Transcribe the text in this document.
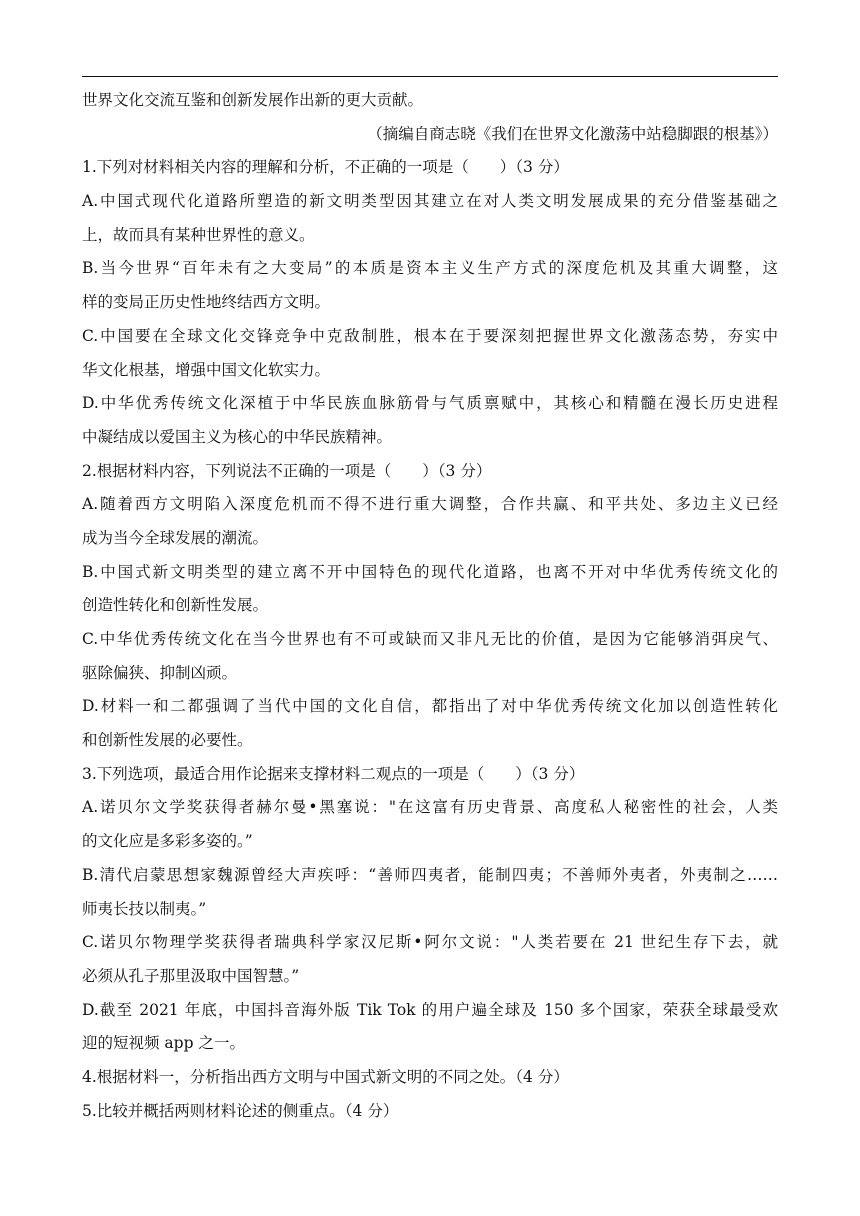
世界文化交流互鉴和创新发展作出新的更大贡献。
（摘编自商志晓《我们在世界文化激荡中站稳脚跟的根基》）
1.下列对材料相关内容的理解和分析，不正确的一项是（　　）（3 分）
A.中国式现代化道路所塑造的新文明类型因其建立在对人类文明发展成果的充分借鉴基础之
上，故而具有某种世界性的意义。
B.当今世界“百年未有之大变局”的本质是资本主义生产方式的深度危机及其重大调整，这
样的变局正历史性地终结西方文明。
C.中国要在全球文化交锋竞争中克敌制胜，根本在于要深刻把握世界文化激荡态势，夯实中
华文化根基，增强中国文化软实力。
D.中华优秀传统文化深植于中华民族血脉筋骨与气质禀赋中，其核心和精髓在漫长历史进程
中凝结成以爱国主义为核心的中华民族精神。
2.根据材料内容，下列说法不正确的一项是（　　）（3 分）
A.随着西方文明陷入深度危机而不得不进行重大调整，合作共赢、和平共处、多边主义已经
成为当今全球发展的潮流。
B.中国式新文明类型的建立离不开中国特色的现代化道路，也离不开对中华优秀传统文化的
创造性转化和创新性发展。
C.中华优秀传统文化在当今世界也有不可或缺而又非凡无比的价值，是因为它能够消弭戾气、
驱除偏狭、抑制凶顽。
D.材料一和二都强调了当代中国的文化自信，都指出了对中华优秀传统文化加以创造性转化
和创新性发展的必要性。
3.下列选项，最适合用作论据来支撑材料二观点的一项是（　　）（3 分）
A.诺贝尔文学奖获得者赫尔曼•黑塞说："在这富有历史背景、高度私人秘密性的社会，人类
的文化应是多彩多姿的。”
B.清代启蒙思想家魏源曾经大声疾呼：“善师四夷者，能制四夷；不善师外夷者，外夷制之……
师夷长技以制夷。”
C.诺贝尔物理学奖获得者瑞典科学家汉尼斯•阿尔文说："人类若要在 21 世纪生存下去，就
必须从孔子那里汲取中国智慧。”
D.截至 2021 年底，中国抖音海外版 Tik Tok 的用户遍全球及 150 多个国家，荣获全球最受欢
迎的短视频 app 之一。
4.根据材料一，分析指出西方文明与中国式新文明的不同之处。（4 分）
5.比较并概括两则材料论述的侧重点。（4 分）
